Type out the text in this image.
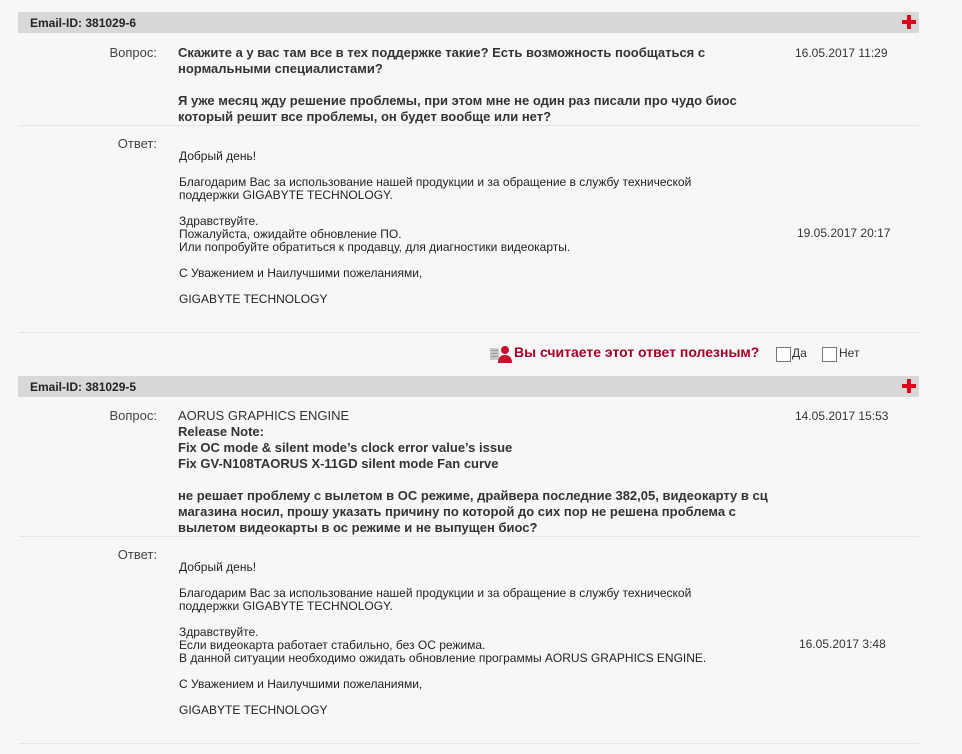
Email-ID: 381029-6
Вопрос: Скажите а у вас там все в тех поддержке такие? Есть возможность пообщаться с
нормальными специалистами?
Я уже месяц жду решение проблемы, при этом мне не один раз писали про чудо биос
который решит все проблемы, он будет вообще или нет?
16.05.2017 11:29
Ответ:

Добрый день!

Благодарим Вас за использование нашей продукции и за обращение в службу технической

поддержки GIGABYTE TECHNOLOGY.

Здравствуйте.

Пожалуйста, ожидайте обновление ПО.

Или попробуйте обратиться к продавцу, для диагностики видеокарты.

С Уважением и Наилучшими пожеланиями,

GIGABYTE TECHNOLOGY

19.05.2017 20:17
Вы считаете этот ответ полезным?	Да	Нет
Email-ID: 381029-5
Вопрос: AORUS GRAPHICS ENGINE
Release Note:
Fix OC mode & silent mode’s clock error value’s issue
Fix GV-N108TAORUS X-11GD silent mode Fan curve
не решает проблему с вылетом в ОС режиме, драйвера последние 382,05, видеокарту в сц
магазина носил, прошу указать причину по которой до сих пор не решена проблема с
вылетом видеокарты в ос режиме и не выпущен биос?
14.05.2017 15:53
Ответ:

Добрый день!

Благодарим Вас за использование нашей продукции и за обращение в службу технической

поддержки GIGABYTE TECHNOLOGY.

Здравствуйте.

Если видеокарта работает стабильно, без ОС режима.

В данной ситуации необходимо ожидать обновление программы AORUS GRAPHICS ENGINE.

С Уважением и Наилучшими пожеланиями,

GIGABYTE TECHNOLOGY

16.05.2017 3:48
